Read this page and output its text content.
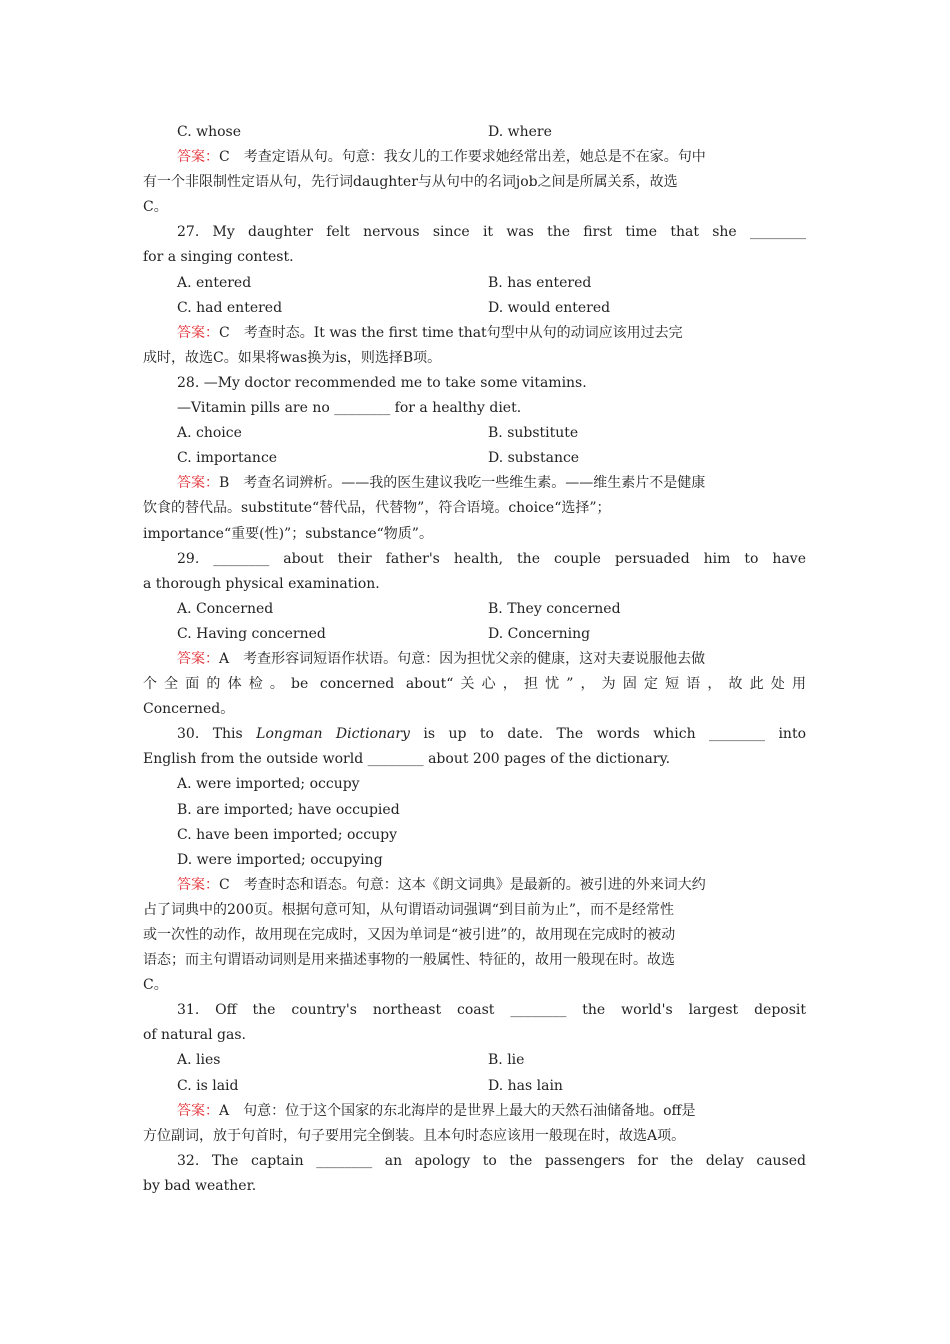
C. whose	D. where
答案：C　考查定语从句。句意：我女儿的工作要求她经常出差，她总是不在家。句中
有一个非限制性定语从句，先行词daughter与从句中的名词job之间是所属关系，故选
C。
27. My daughter felt nervous since it was the first time that she ________
for a singing contest.
A. entered	B. has entered
C. had entered	D. would entered
答案：C　考查时态。It was the first time that句型中从句的动词应该用过去完
成时，故选C。如果将was换为is，则选择B项。
28. —My doctor recommended me to take some vitamins.
—Vitamin pills are no ________ for a healthy diet.
A. choice	B. substitute
C. importance	D. substance
答案：B　考查名词辨析。——我的医生建议我吃一些维生素。——维生素片不是健康
饮食的替代品。substitute“替代品，代替物”，符合语境。choice“选择”；
importance“重要(性)”；substance“物质”。
29. ________ about their father's health, the couple persuaded him to have
a thorough physical examination.
A. Concerned	B. They concerned
C. Having concerned	D. Concerning
答案：A　考查形容词短语作状语。句意：因为担忧父亲的健康，这对夫妻说服他去做
个全面的体检。be concerned about“关心，担忧”，为固定短语，故此处用
Concerned。
30. This Longman Dictionary is up to date. The words which ________ into
English from the outside world ________ about 200 pages of the dictionary.
A. were imported; occupy
B. are imported; have occupied
C. have been imported; occupy
D. were imported; occupying
答案：C　考查时态和语态。句意：这本《朗文词典》是最新的。被引进的外来词大约
占了词典中的200页。根据句意可知，从句谓语动词强调“到目前为止”，而不是经常性
或一次性的动作，故用现在完成时，又因为单词是“被引进”的，故用现在完成时的被动
语态；而主句谓语动词则是用来描述事物的一般属性、特征的，故用一般现在时。故选
C。
31. Off the country's northeast coast ________ the world's largest deposit
of natural gas.
A. lies	B. lie
C. is laid	D. has lain
答案：A　句意：位于这个国家的东北海岸的是世界上最大的天然石油储备地。off是
方位副词，放于句首时，句子要用完全倒装。且本句时态应该用一般现在时，故选A项。
32. The captain ________ an apology to the passengers for the delay caused
by bad weather.
